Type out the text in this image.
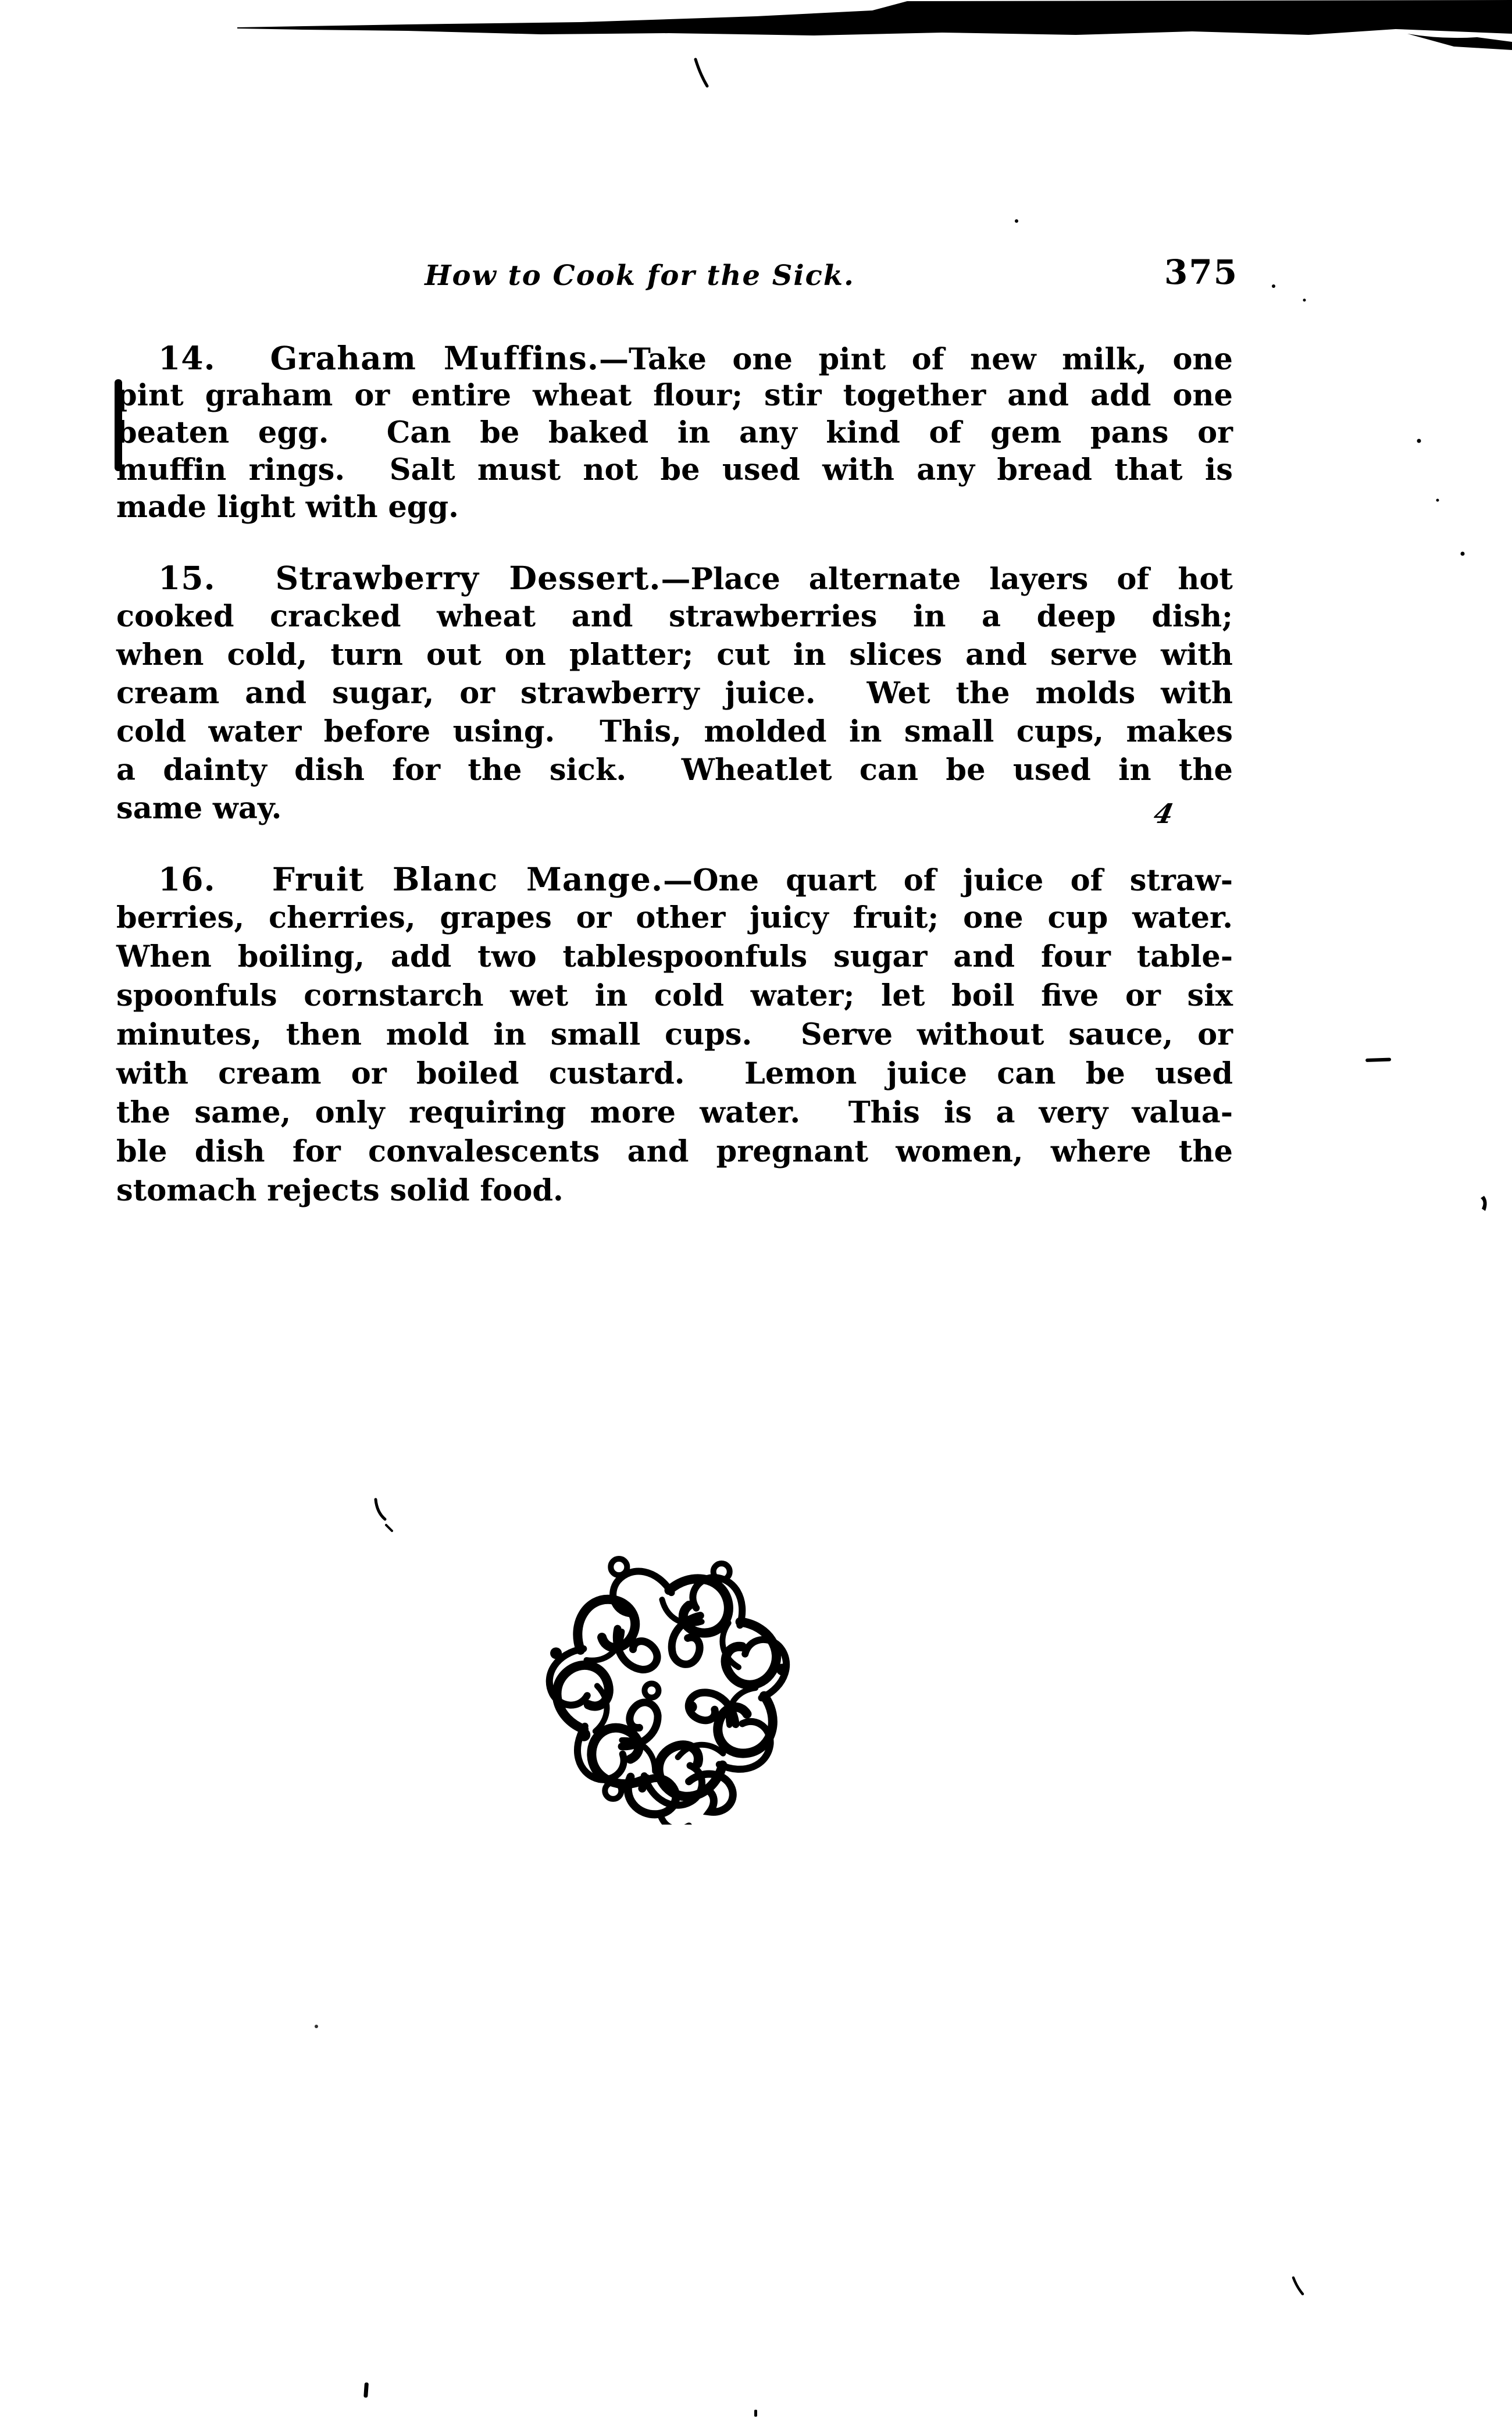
How to Cook for the Sick.	375
14.  Graham Muffins.—Take one pint of new milk, one
pint graham or entire wheat flour; stir together and add one
beaten egg.  Can be baked in any kind of gem pans or
muffin rings.  Salt must not be used with any bread that is
made light with egg.
15.  Strawberry Dessert.—Place alternate layers of hot
cooked cracked wheat and strawberries in a deep dish;
when cold, turn out on platter; cut in slices and serve with
cream and sugar, or strawberry juice.  Wet the molds with
cold water before using.  This, molded in small cups, makes
a dainty dish for the sick.  Wheatlet can be used in the
same way.	4
16.  Fruit Blanc Mange.—One quart of juice of straw-
berries, cherries, grapes or other juicy fruit; one cup water.
When boiling, add two tablespoonfuls sugar and four table-
spoonfuls cornstarch wet in cold water; let boil five or six
minutes, then mold in small cups.  Serve without sauce, or
with cream or boiled custard.  Lemon juice can be used
the same, only requiring more water.  This is a very valua-
ble dish for convalescents and pregnant women, where the
stomach rejects solid food.
